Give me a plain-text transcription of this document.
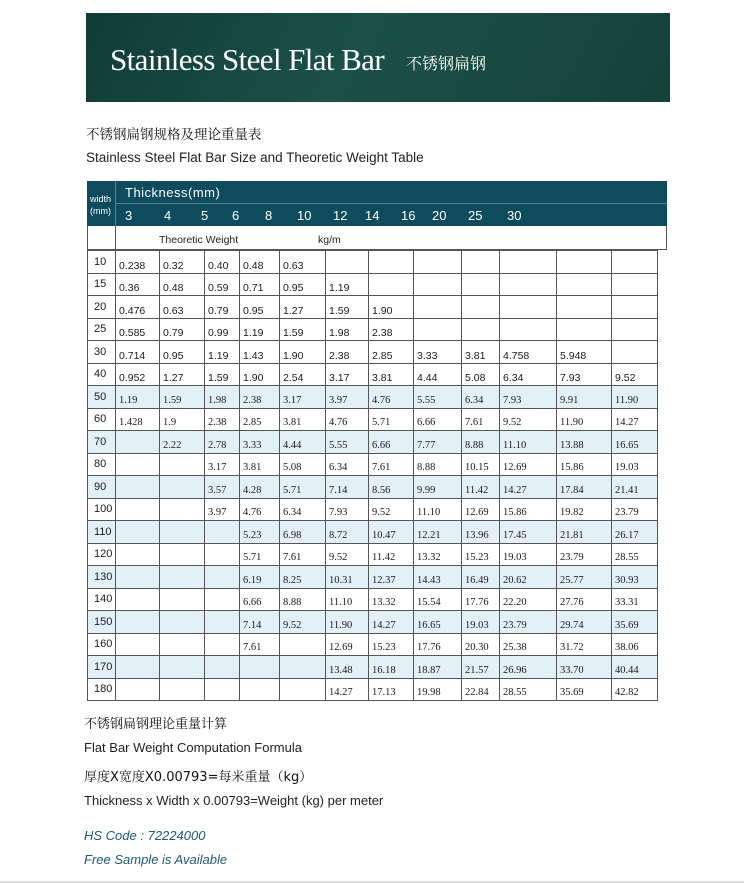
Stainless Steel Flat Bar 不锈钢扁钢
不锈钢扁钢规格及理论重量表
Stainless Steel Flat Bar Size and Theoretic Weight Table
width
(mm)
Thickness(mm)
3 4 5 6 8 10 12 14 16 20 25 30
Theoretic Weight	kg/m
10	0.238	0.32	0.40	0.48	0.63							
15	0.36	0.48	0.59	0.71	0.95	1.19						
20	0.476	0.63	0.79	0.95	1.27	1.59	1.90					
25	0.585	0.79	0.99	1.19	1.59	1.98	2.38					
30	0.714	0.95	1.19	1.43	1.90	2.38	2.85	3.33	3.81	4.758	5.948	
40	0.952	1.27	1.59	1.90	2.54	3.17	3.81	4.44	5.08	6.34	7.93	9.52
50	1.19	1.59	1.98	2.38	3.17	3.97	4.76	5.55	6.34	7.93	9.91	11.90
60	1.428	1.9	2.38	2.85	3.81	4.76	5.71	6.66	7.61	9.52	11.90	14.27
70		2.22	2.78	3.33	4.44	5.55	6.66	7.77	8.88	11.10	13.88	16.65
80			3.17	3.81	5.08	6.34	7.61	8.88	10.15	12.69	15.86	19.03
90			3.57	4.28	5.71	7.14	8.56	9.99	11.42	14.27	17.84	21.41
100			3.97	4.76	6.34	7.93	9.52	11.10	12.69	15.86	19.82	23.79
110				5.23	6.98	8.72	10.47	12.21	13.96	17.45	21.81	26.17
120				5.71	7.61	9.52	11.42	13.32	15.23	19.03	23.79	28.55
130				6.19	8.25	10.31	12.37	14.43	16.49	20.62	25.77	30.93
140				6.66	8.88	11.10	13.32	15.54	17.76	22.20	27.76	33.31
150				7.14	9.52	11.90	14.27	16.65	19.03	23.79	29.74	35.69
160				7.61		12.69	15.23	17.76	20.30	25.38	31.72	38.06
170						13.48	16.18	18.87	21.57	26.96	33.70	40.44
180						14.27	17.13	19.98	22.84	28.55	35.69	42.82
不锈钢扁钢理论重量计算
Flat Bar Weight Computation Formula
厚度X宽度X0.00793=每米重量（kg）
Thickness x Width x 0.00793=Weight (kg) per meter
HS Code : 72224000
Free Sample is Available
